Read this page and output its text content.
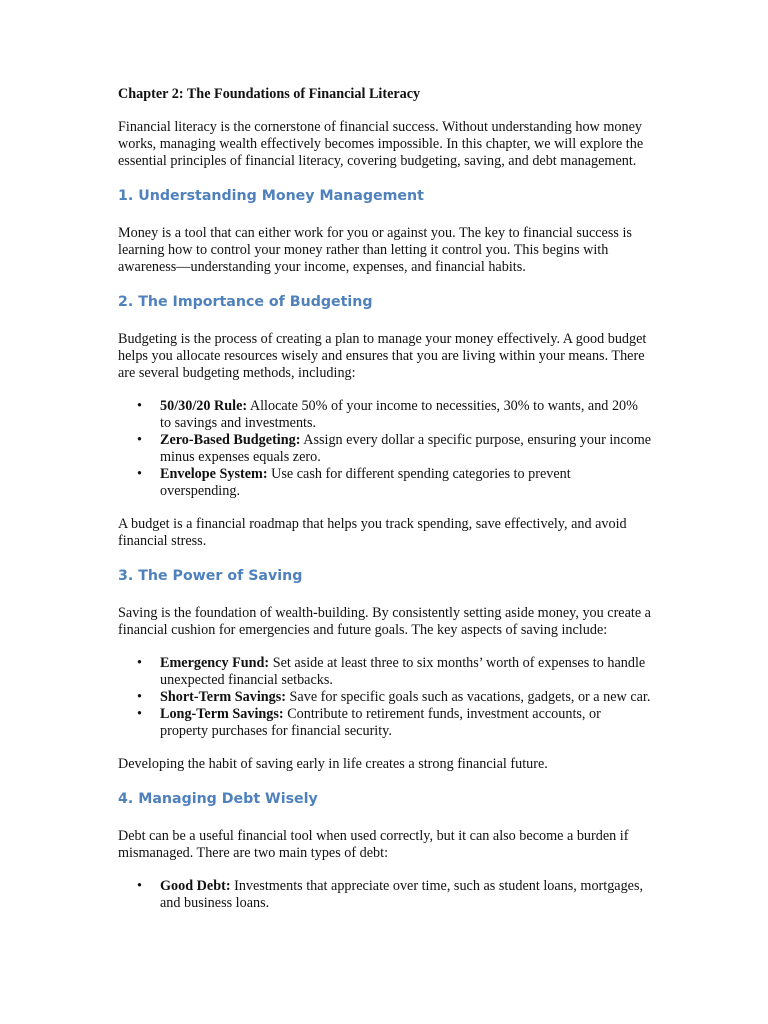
Chapter 2: The Foundations of Financial Literacy

Financial literacy is the cornerstone of financial success. Without understanding how money works, managing wealth effectively becomes impossible. In this chapter, we will explore the essential principles of financial literacy, covering budgeting, saving, and debt management.

1. Understanding Money Management

Money is a tool that can either work for you or against you. The key to financial success is learning how to control your money rather than letting it control you. This begins with awareness—understanding your income, expenses, and financial habits.

2. The Importance of Budgeting

Budgeting is the process of creating a plan to manage your money effectively. A good budget helps you allocate resources wisely and ensures that you are living within your means. There are several budgeting methods, including:

• 50/30/20 Rule: Allocate 50% of your income to necessities, 30% to wants, and 20% to savings and investments.
• Zero-Based Budgeting: Assign every dollar a specific purpose, ensuring your income minus expenses equals zero.
• Envelope System: Use cash for different spending categories to prevent overspending.

A budget is a financial roadmap that helps you track spending, save effectively, and avoid financial stress.

3. The Power of Saving

Saving is the foundation of wealth-building. By consistently setting aside money, you create a financial cushion for emergencies and future goals. The key aspects of saving include:

• Emergency Fund: Set aside at least three to six months’ worth of expenses to handle unexpected financial setbacks.
• Short-Term Savings: Save for specific goals such as vacations, gadgets, or a new car.
• Long-Term Savings: Contribute to retirement funds, investment accounts, or property purchases for financial security.

Developing the habit of saving early in life creates a strong financial future.

4. Managing Debt Wisely

Debt can be a useful financial tool when used correctly, but it can also become a burden if mismanaged. There are two main types of debt:

• Good Debt: Investments that appreciate over time, such as student loans, mortgages, and business loans.
